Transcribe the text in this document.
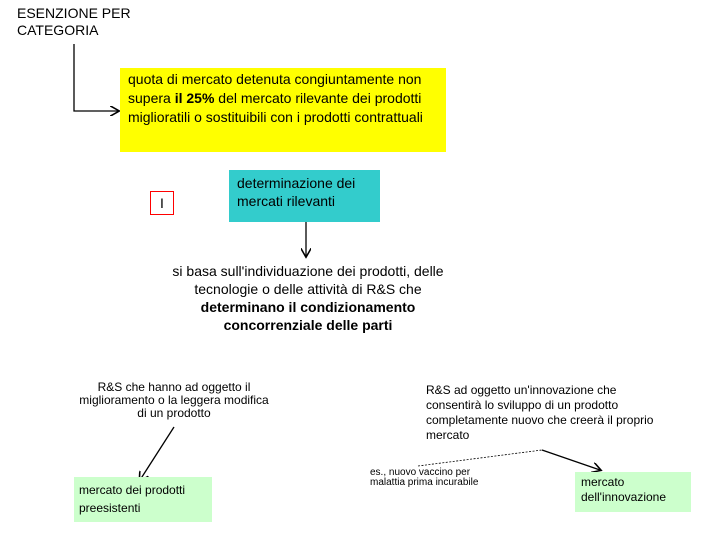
ESENZIONE PER
CATEGORIA
quota di mercato detenuta congiuntamente non supera il 25% del mercato rilevante dei prodotti miglioratili o sostituibili con i prodotti contrattuali
I
determinazione dei mercati rilevanti
si basa sull'individuazione dei prodotti, delle tecnologie o delle attività di R&S che determinano il condizionamento concorrenziale delle parti
R&S che hanno ad oggetto il miglioramento o la leggera modifica di un prodotto
R&S ad oggetto un'innovazione che consentirà lo sviluppo di un prodotto completamente nuovo che creerà il proprio mercato
es., nuovo vaccino per malattia prima incurabile
mercato dei prodotti preesistenti
mercato dell'innovazione
